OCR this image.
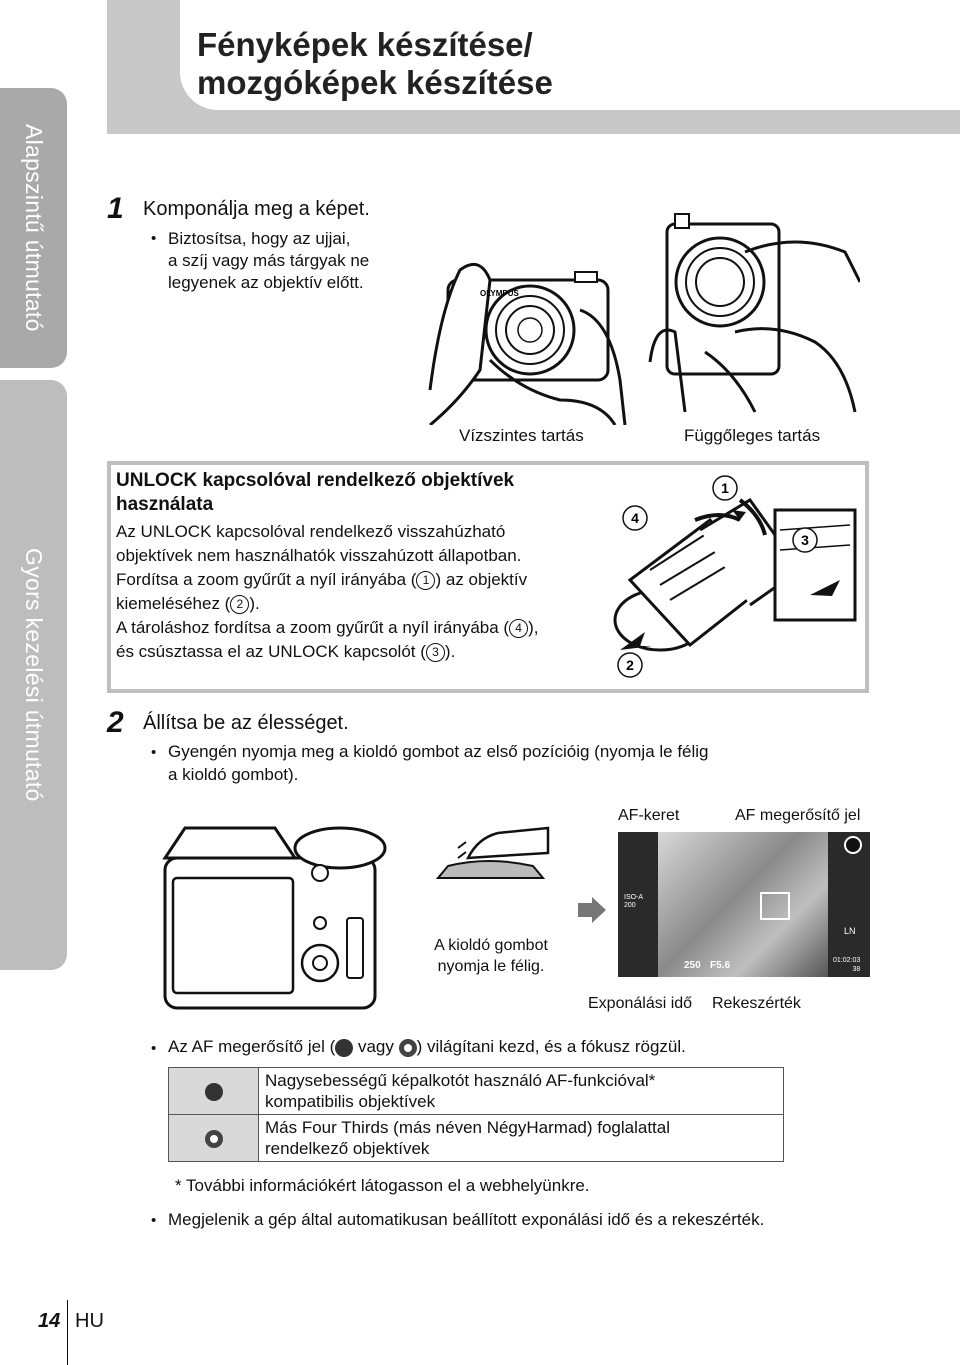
Alapszintű útmutató
Gyors kezelési útmutató
Fényképek készítése/
mozgóképek készítése
1 Komponálja meg a képet.
• Biztosítsa, hogy az ujjai,
a szíj vagy más tárgyak ne
legyenek az objektív előtt.
OLYMPUS
Vízszintes tartás	Függőleges tartás
UNLOCK kapcsolóval rendelkező objektívek
használata
Az UNLOCK kapcsolóval rendelkező visszahúzható
objektívek nem használhatók visszahúzott állapotban.
Fordítsa a zoom gyűrűt a nyíl irányába ( 1 ) az objektív
kiemeléséhez ( 2 ).
A tároláshoz fordítsa a zoom gyűrűt a nyíl irányába ( 4 ),
és csúsztassa el az UNLOCK kapcsolót ( 3 ).
4
1
3
2
2 Állítsa be az élességet.
• Gyengén nyomja meg a kioldó gombot az első pozícióig (nyomja le félig
a kioldó gombot).
A kioldó gombot
nyomja le félig.
AF-keret	AF megerősítő jel
ISO-A
200
LN
250 F5.6	01:02:03
38
Exponálási idő Rekeszérték
• Az AF megerősítő jel ( vagy ) világítani kezd, és a fókusz rögzül.

	Nagysebességű képalkotót használó AF-funkcióval*
kompatibilis objektívek

	Más Four Thirds (más néven NégyHarmad) foglalattal
rendelkező objektívek
* További információkért látogasson el a webhelyünkre.
• Megjelenik a gép által automatikusan beállított exponálási idő és a rekeszérték.
14 HU
